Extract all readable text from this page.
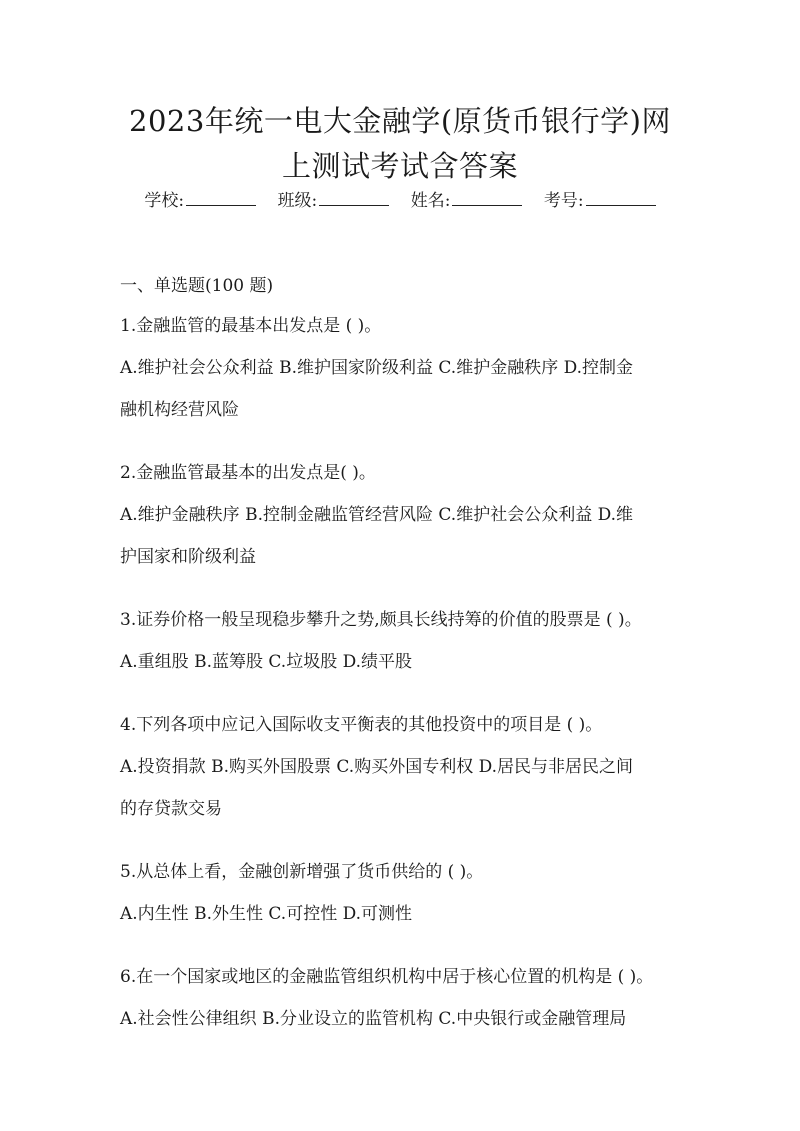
2023年统一电大金融学(原货币银行学)网
上测试考试含答案
学校:	班级:	姓名:	考号:
一、单选题(100 题)
1.金融监管的最基本出发点是 ( )。
A.维护社会公众利益 B.维护国家阶级利益 C.维护金融秩序 D.控制金
融机构经营风险
2.金融监管最基本的出发点是( )。
A.维护金融秩序 B.控制金融监管经营风险 C.维护社会公众利益 D.维
护国家和阶级利益
3.证券价格一般呈现稳步攀升之势,颇具长线持筹的价值的股票是 ( )。
A.重组股 B.蓝筹股 C.垃圾股 D.绩平股
4.下列各项中应记入国际收支平衡表的其他投资中的项目是 ( )。
A.投资捐款 B.购买外国股票 C.购买外国专利权 D.居民与非居民之间
的存贷款交易
5.从总体上看，金融创新增强了货币供给的 ( )。
A.内生性 B.外生性 C.可控性 D.可测性
6.在一个国家或地区的金融监管组织机构中居于核心位置的机构是 ( )。
A.社会性公律组织 B.分业设立的监管机构 C.中央银行或金融管理局
